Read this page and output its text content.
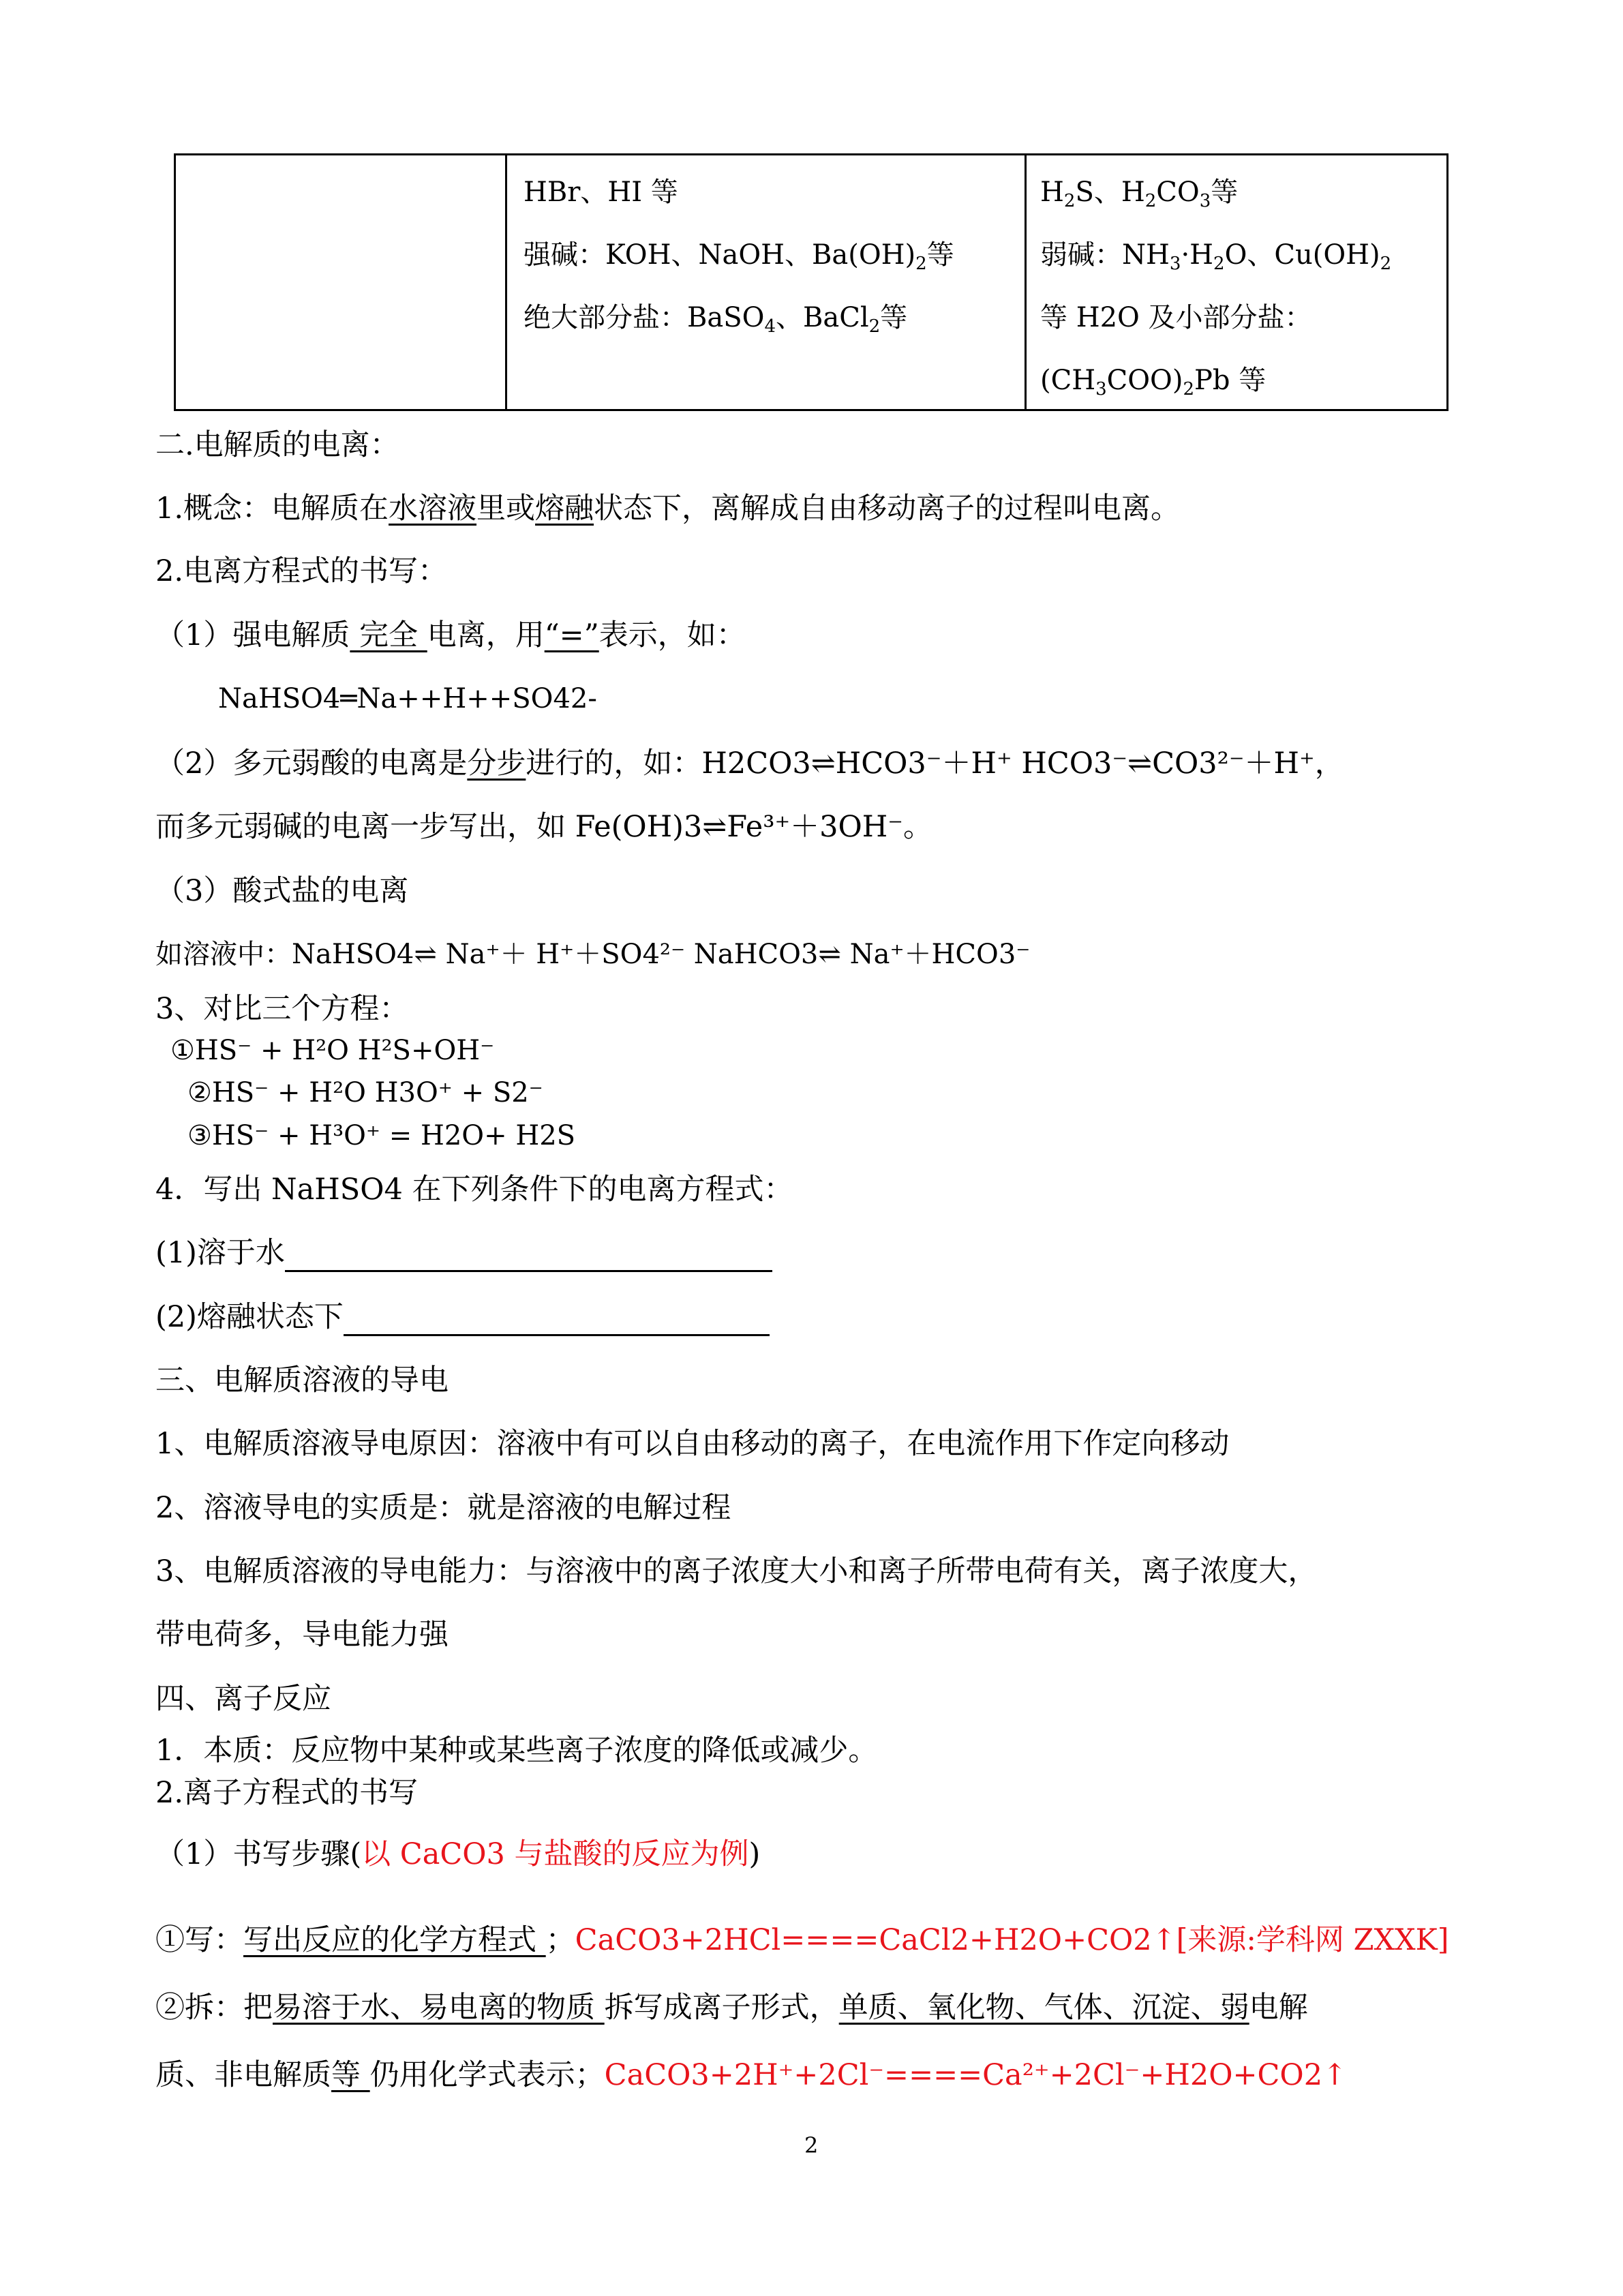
HBr、HI 等
强碱：KOH、NaOH、$Ba(OH)_2$等
绝大部分盐：BaSO$_4$、BaCl$_2$等
$H_2S$、$H_2CO_3$等
弱碱：$NH_3\cdot H_2O$、$Cu(OH)_2$
等 H2O 及小部分盐：
$(CH_3COO)_2Pb$ 等
二.电解质的电离：
1.概念：电解质在水溶液里或熔融状态下，离解成自由移动离子的过程叫电离。
2.电离方程式的书写：
（1）强电解质 完全 电离，用“=”表示，如：
NaHSO4═Na++H++SO42-
（2）多元弱酸的电离是分步进行的，如：H2CO3⇌HCO3⁻＋H⁺ HCO3⁻⇌CO3²⁻＋H⁺，
而多元弱碱的电离一步写出，如 Fe(OH)3⇌Fe³⁺＋3OH⁻。
（3）酸式盐的电离
如溶液中：NaHSO4⇌ Na⁺＋ H⁺＋SO4²⁻ NaHCO3⇌ Na⁺＋HCO3⁻
3、对比三个方程：
①HS⁻ + H²O H²S+OH⁻
②HS⁻ + H²O H3O⁺ + S2⁻
③HS⁻ + H³O⁺ = H2O+ H2S
4．写出 NaHSO4 在下列条件下的电离方程式：
(1)溶于水
(2)熔融状态下
三、电解质溶液的导电
1、电解质溶液导电原因：溶液中有可以自由移动的离子，在电流作用下作定向移动
2、溶液导电的实质是：就是溶液的电解过程
3、电解质溶液的导电能力：与溶液中的离子浓度大小和离子所带电荷有关，离子浓度大，
带电荷多，导电能力强
四、离子反应
1．本质：反应物中某种或某些离子浓度的降低或减少。
2.离子方程式的书写
（1）书写步骤(以 CaCO3 与盐酸的反应为例)
①写：写出反应的化学方程式 ；CaCO3+2HCl====CaCl2+H2O+CO2↑[来源:学科网 ZXXK]
②拆：把易溶于水、易电离的物质 拆写成离子形式，单质、氧化物、气体、沉淀、弱电解
质、非电解质等 仍用化学式表示；CaCO3+2H⁺+2Cl⁻====Ca²⁺+2Cl⁻+H2O+CO2↑
2
